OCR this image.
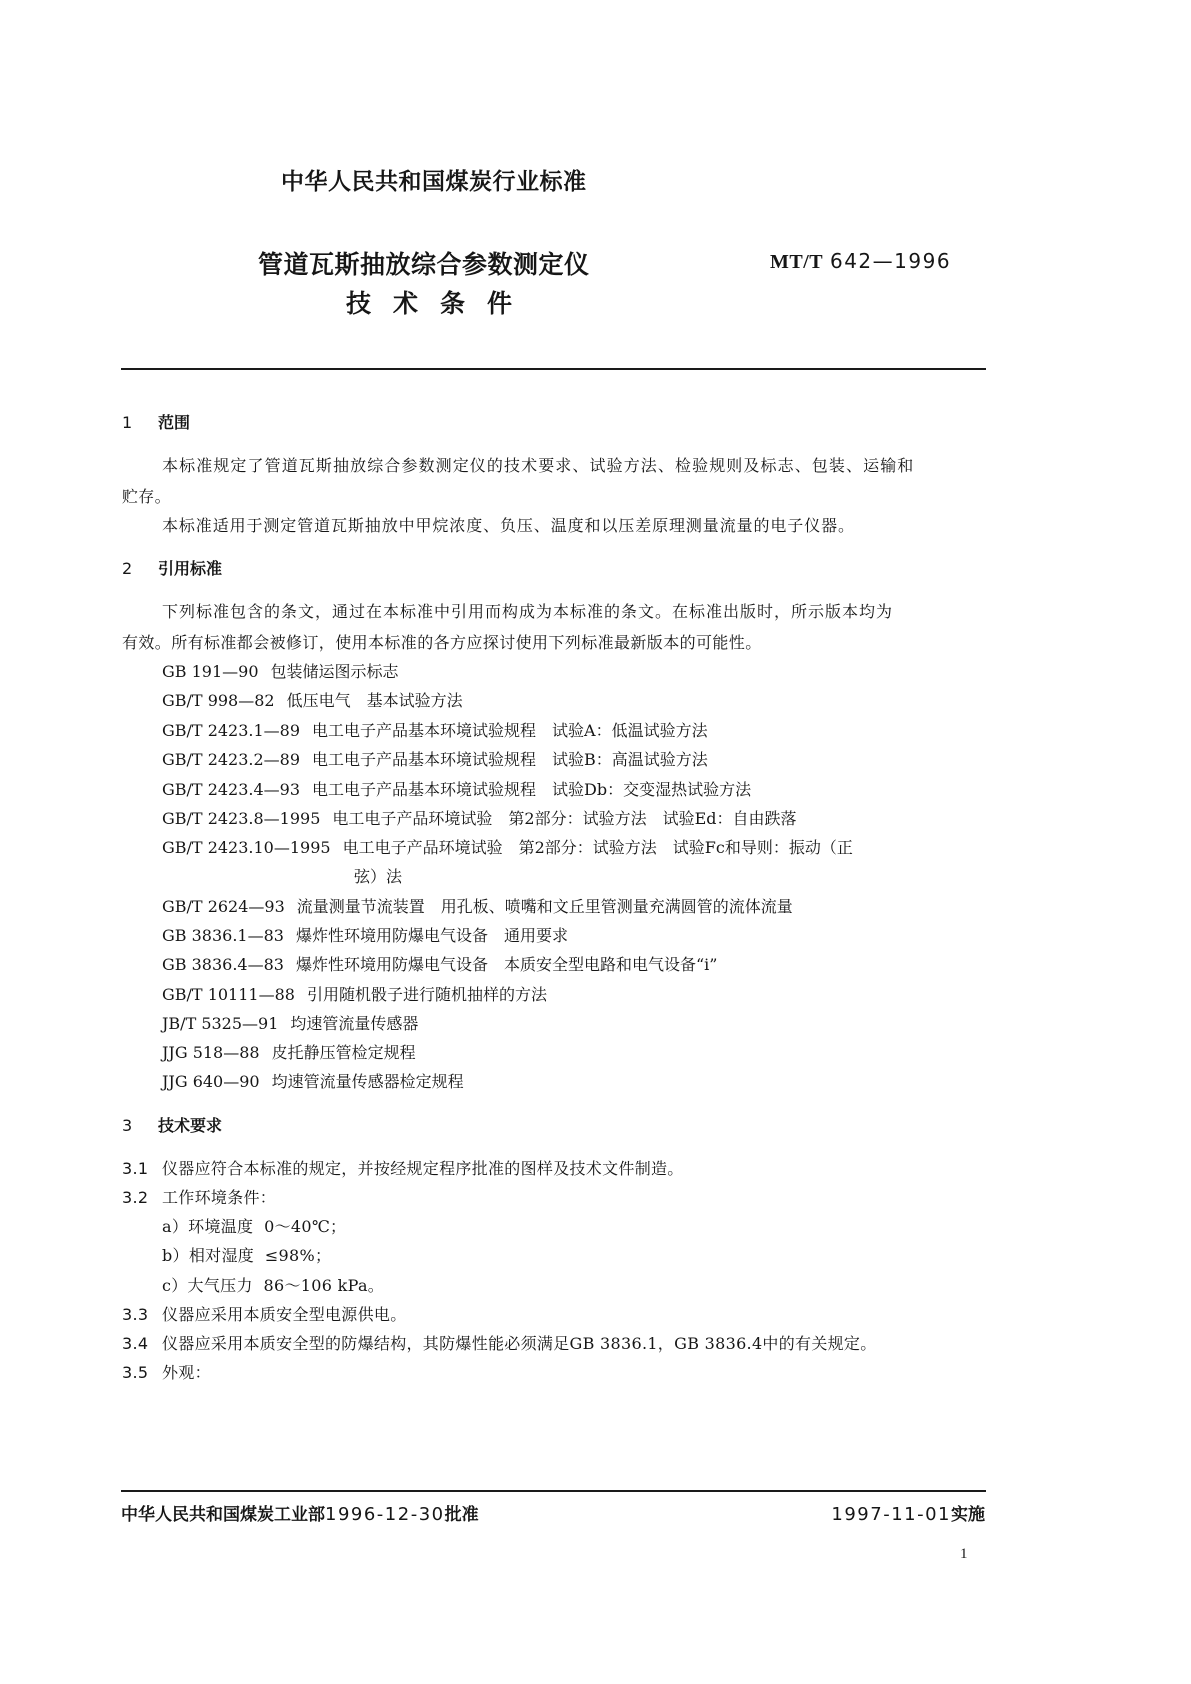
中华人民共和国煤炭行业标准
管道瓦斯抽放综合参数测定仪
技术条件
MT/T 642—1996
1 范围
本标准规定了管道瓦斯抽放综合参数测定仪的技术要求、试验方法、检验规则及标志、包装、运输和
贮存。
本标准适用于测定管道瓦斯抽放中甲烷浓度、负压、温度和以压差原理测量流量的电子仪器。
2 引用标准
下列标准包含的条文，通过在本标准中引用而构成为本标准的条文。在标准出版时，所示版本均为
有效。所有标准都会被修订，使用本标准的各方应探讨使用下列标准最新版本的可能性。
GB 191—90 包装储运图示标志
GB/T 998—82 低压电气　基本试验方法
GB/T 2423.1—89 电工电子产品基本环境试验规程　试验A：低温试验方法
GB/T 2423.2—89 电工电子产品基本环境试验规程　试验B：高温试验方法
GB/T 2423.4—93 电工电子产品基本环境试验规程　试验Db：交变湿热试验方法
GB/T 2423.8—1995 电工电子产品环境试验　第2部分：试验方法　试验Ed：自由跌落
GB/T 2423.10—1995 电工电子产品环境试验　第2部分：试验方法　试验Fc和导则：振动（正
弦）法
GB/T 2624—93 流量测量节流装置　用孔板、喷嘴和文丘里管测量充满圆管的流体流量
GB 3836.1—83 爆炸性环境用防爆电气设备　通用要求
GB 3836.4—83 爆炸性环境用防爆电气设备　本质安全型电路和电气设备“i”
GB/T 10111—88 引用随机骰子进行随机抽样的方法
JB/T 5325—91 均速管流量传感器
JJG 518—88 皮托静压管检定规程
JJG 640—90 均速管流量传感器检定规程
3 技术要求
3.1 仪器应符合本标准的规定，并按经规定程序批准的图样及技术文件制造。
3.2 工作环境条件：
a）环境温度 0～40℃；
b）相对湿度 ≤98%；
c）大气压力 86～106 kPa。
3.3 仪器应采用本质安全型电源供电。
3.4 仪器应采用本质安全型的防爆结构，其防爆性能必须满足GB 3836.1，GB 3836.4中的有关规定。
3.5 外观：
中华人民共和国煤炭工业部1996-12-30批准	1997-11-01实施
1
